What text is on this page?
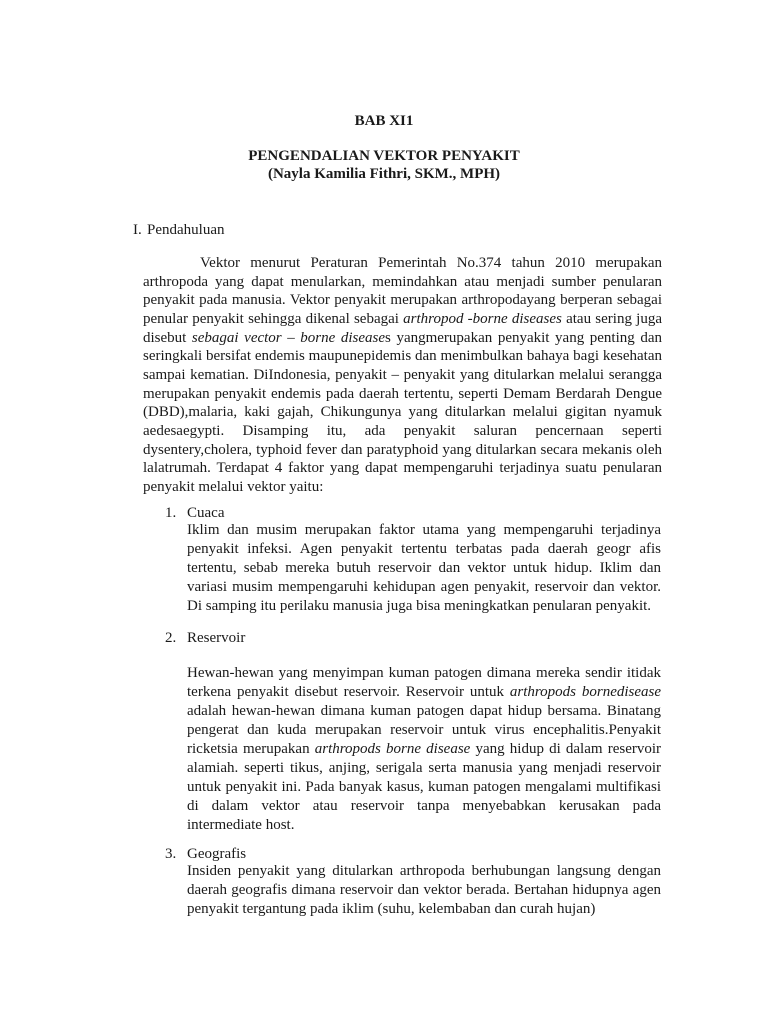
BAB XI1
PENGENDALIAN VEKTOR PENYAKIT
(Nayla Kamilia Fithri, SKM., MPH)
I. Pendahuluan

Vektor menurut Peraturan Pemerintah No.374 tahun 2010 merupakan arthropoda yang dapat menularkan, memindahkan atau menjadi sumber penularan penyakit pada manusia. Vektor penyakit merupakan arthropodayang berperan sebagai penular penyakit sehingga dikenal sebagai arthropod -borne diseases atau sering juga disebut sebagai vector – borne diseases yangmerupakan penyakit yang penting dan seringkali bersifat endemis maupunepidemis dan menimbulkan bahaya bagi kesehatan sampai kematian. DiIndonesia, penyakit – penyakit yang ditularkan melalui serangga merupakan penyakit endemis pada daerah tertentu, seperti Demam Berdarah Dengue (DBD),malaria, kaki gajah, Chikungunya yang ditularkan melalui gigitan nyamuk aedesaegypti. Disamping itu, ada penyakit saluran pencernaan seperti dysentery,cholera, typhoid fever dan paratyphoid yang ditularkan secara mekanis oleh lalatrumah. Terdapat 4 faktor yang dapat mempengaruhi terjadinya suatu penularan penyakit melalui vektor yaitu:

1. Cuaca

Iklim dan musim merupakan faktor utama yang mempengaruhi terjadinya penyakit infeksi. Agen penyakit tertentu terbatas pada daerah geogr afis tertentu, sebab mereka butuh reservoir dan vektor untuk hidup. Iklim dan variasi musim mempengaruhi kehidupan agen penyakit, reservoir dan vektor. Di samping itu perilaku manusia juga bisa meningkatkan penularan penyakit.

2. Reservoir

Hewan-hewan yang menyimpan kuman patogen dimana mereka sendir itidak terkena penyakit disebut reservoir. Reservoir untuk arthropods bornedisease adalah hewan-hewan dimana kuman patogen dapat hidup bersama. Binatang pengerat dan kuda merupakan reservoir untuk virus encephalitis.Penyakit ricketsia merupakan arthropods borne disease yang hidup di dalam reservoir alamiah. seperti tikus, anjing, serigala serta manusia yang menjadi reservoir untuk penyakit ini. Pada banyak kasus, kuman patogen mengalami multifikasi di dalam vektor atau reservoir tanpa menyebabkan kerusakan pada intermediate host.

3. Geografis

Insiden penyakit yang ditularkan arthropoda berhubungan langsung dengan daerah geografis dimana reservoir dan vektor berada. Bertahan hidupnya agen penyakit tergantung pada iklim (suhu, kelembaban dan curah hujan)
